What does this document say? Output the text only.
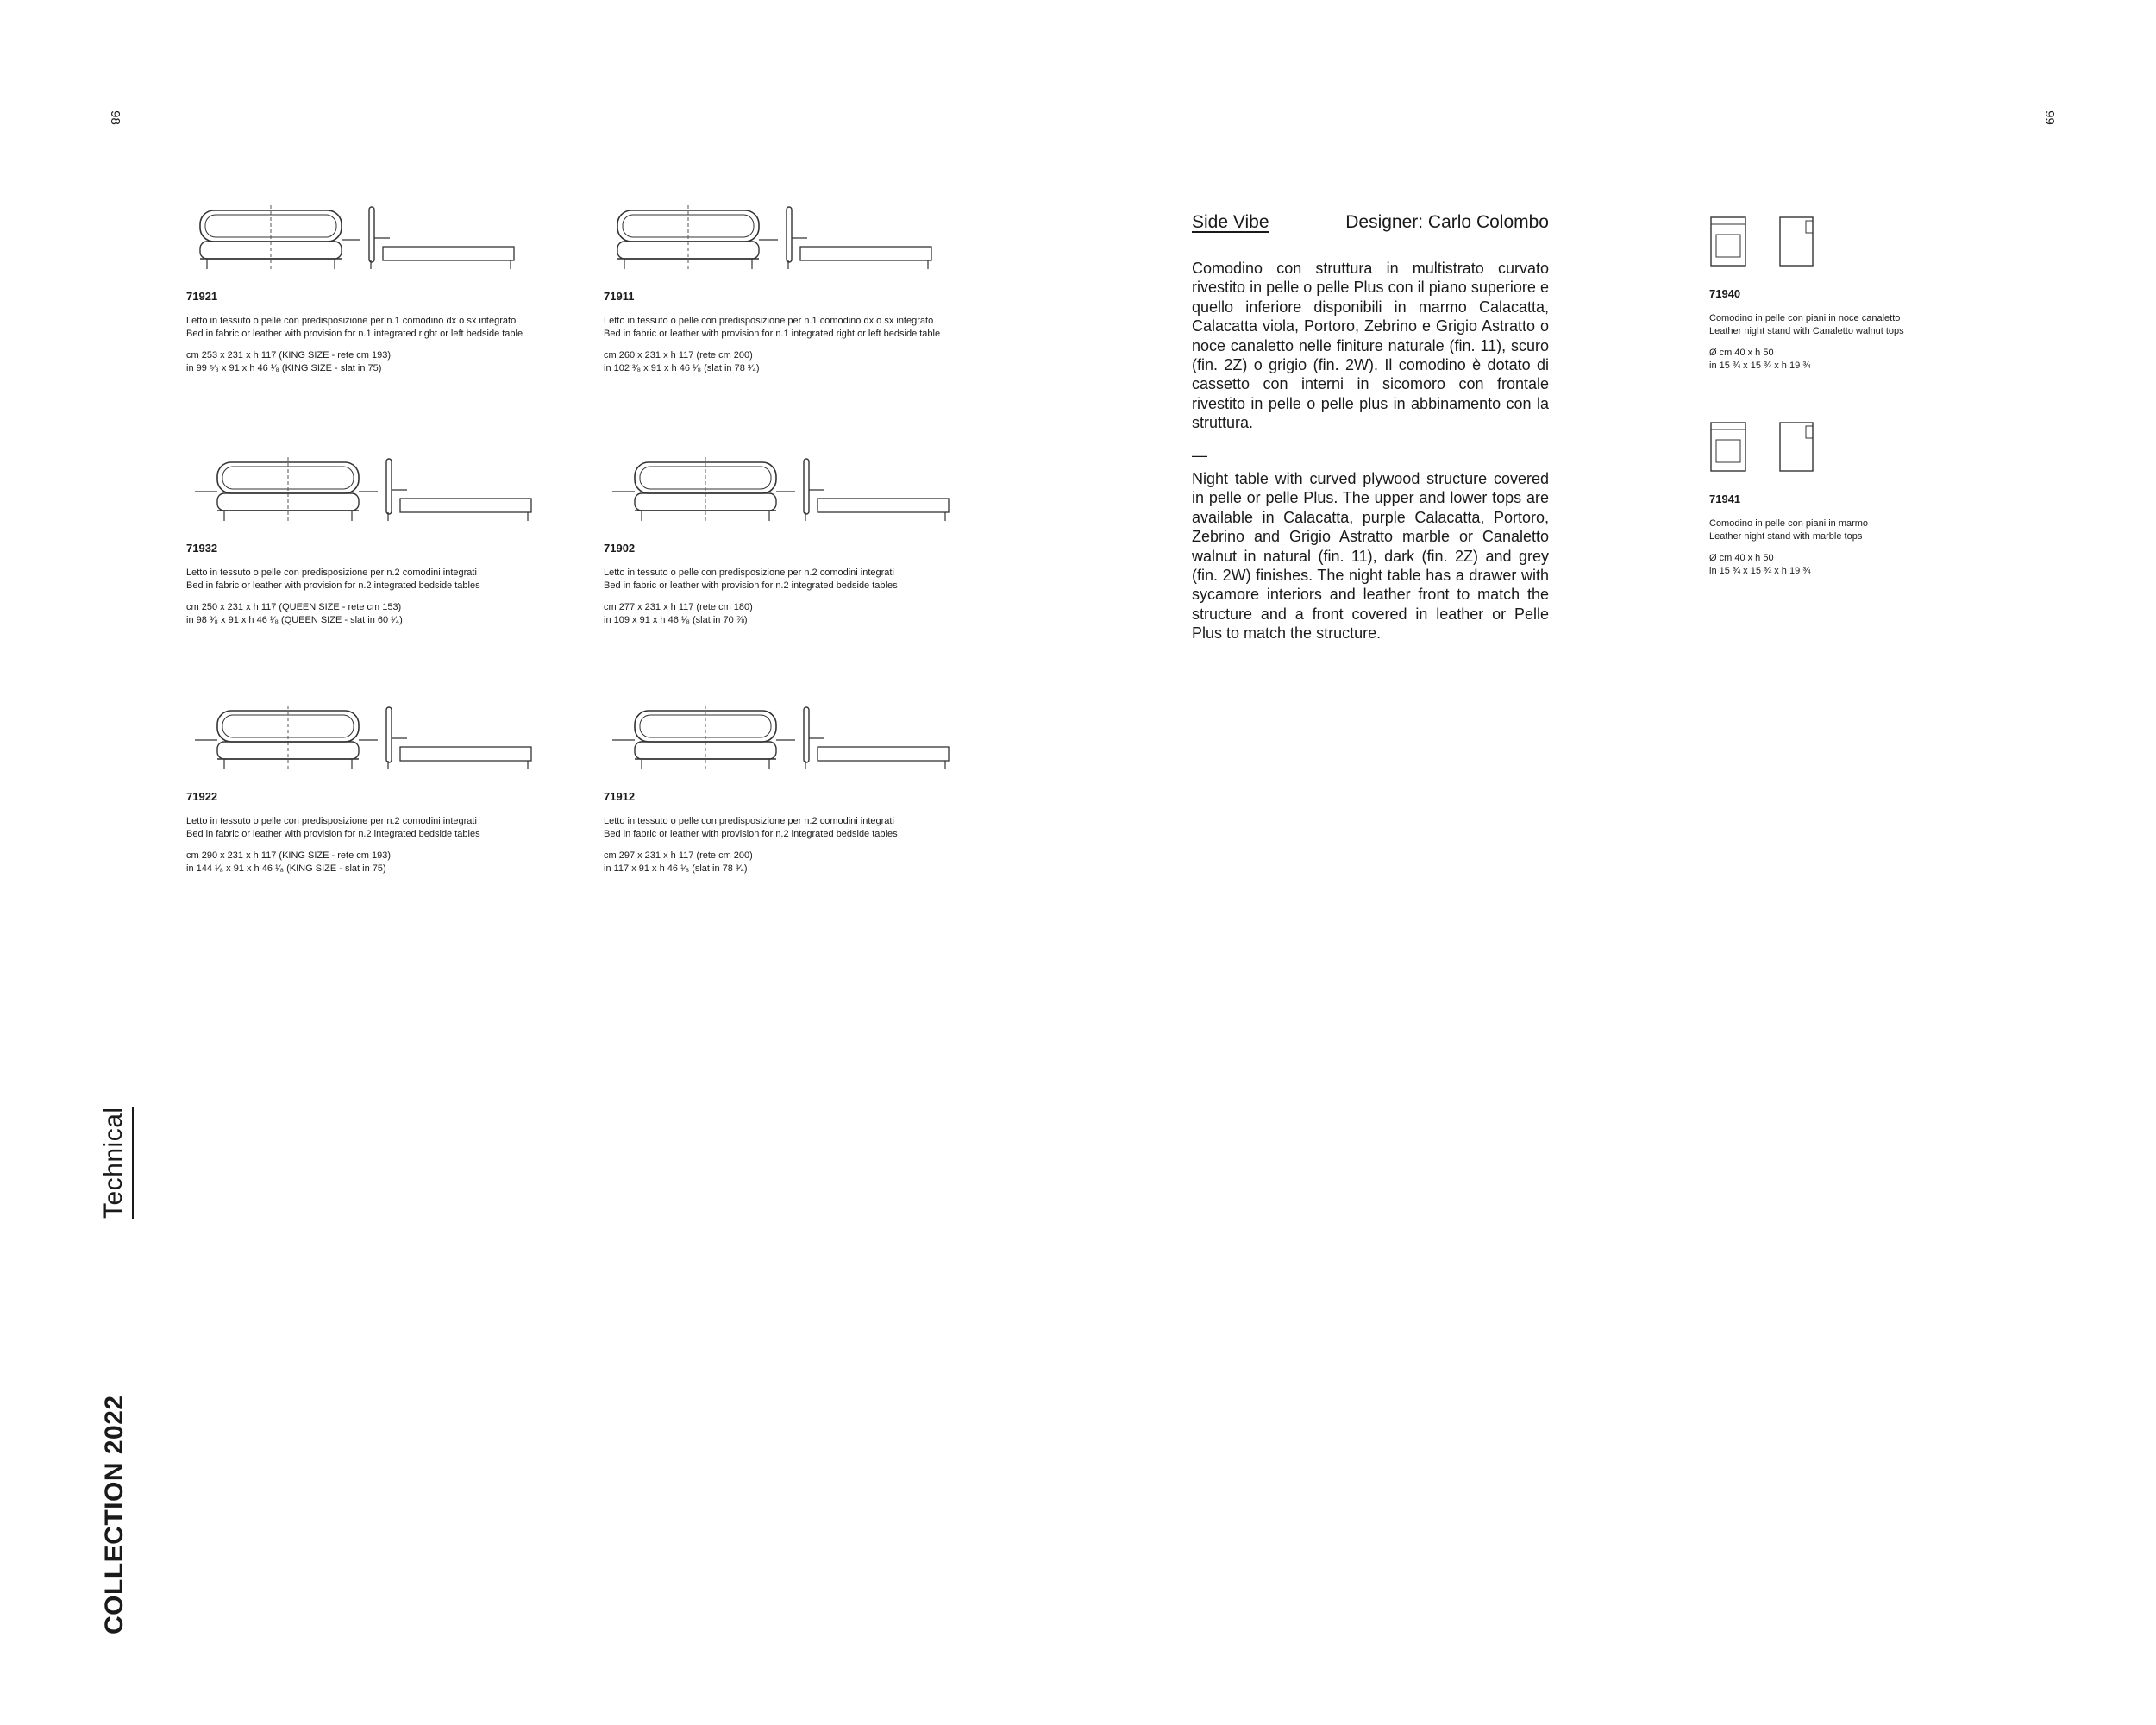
98	99
COLLECTION 2022
Technical
71921
Letto in tessuto o pelle con predisposizione per n.1 comodino dx o sx integrato
Bed in fabric or leather with provision for n.1 integrated right or left bedside table
cm 253 x 231 x h 117 (KING SIZE - rete cm 193)
in 99 ⁵⁄₈ x 91 x h 46 ¹⁄₈ (KING SIZE - slat in 75)
71911
Letto in tessuto o pelle con predisposizione per n.1 comodino dx o sx integrato
Bed in fabric or leather with provision for n.1 integrated right or left bedside table
cm 260 x 231 x h 117 (rete cm 200)
in 102 ³⁄₈ x 91 x h 46 ¹⁄₈ (slat in 78 ³⁄₄)
71932
Letto in tessuto o pelle con predisposizione per n.2 comodini integrati
Bed in fabric or leather with provision for n.2 integrated bedside tables
cm 250 x 231 x h 117 (QUEEN SIZE - rete cm 153)
in 98 ³⁄₈ x 91 x h 46 ¹⁄₈ (QUEEN SIZE - slat in 60 ¹⁄₄)
71902
Letto in tessuto o pelle con predisposizione per n.2 comodini integrati
Bed in fabric or leather with provision for n.2 integrated bedside tables
cm 277 x 231 x h 117 (rete cm 180)
in 109 x 91 x h 46 ¹⁄₈ (slat in 70 ⅞)
71922
Letto in tessuto o pelle con predisposizione per n.2 comodini integrati
Bed in fabric or leather with provision for n.2 integrated bedside tables
cm 290 x 231 x h 117 (KING SIZE - rete cm 193)
in 144 ¹⁄₈ x 91 x h 46 ¹⁄₈ (KING SIZE - slat in 75)
71912
Letto in tessuto o pelle con predisposizione per n.2 comodini integrati
Bed in fabric or leather with provision for n.2 integrated bedside tables
cm 297 x 231 x h 117 (rete cm 200)
in 117 x 91 x h 46 ¹⁄₈ (slat in 78 ³⁄₄)
Side Vibe	Designer: Carlo Colombo
Comodino con struttura in multistrato curvato rivestito in pelle o pelle Plus con il piano superiore e quello inferiore disponibili in marmo Calacatta, Calacatta viola, Portoro, Zebrino e Grigio Astratto o noce canaletto nelle finiture naturale (fin. 11), scuro (fin. 2Z) o grigio (fin. 2W). Il comodino è dotato di cassetto con interni in sicomoro con frontale rivestito in pelle o pelle plus in abbinamento con la struttura.
—
Night table with curved plywood structure covered in pelle or pelle Plus. The upper and lower tops are available in Calacatta, purple Calacatta, Portoro, Zebrino and Grigio Astratto marble or Canaletto walnut in natural (fin. 11), dark (fin. 2Z) and grey (fin. 2W) finishes. The night table has a drawer with sycamore interiors and leather front to match the structure and a front covered in leather or Pelle Plus to match the structure.
71940
Comodino in pelle con piani in noce canaletto
Leather night stand with Canaletto walnut tops
Ø cm 40 x h 50
in 15 ¾ x 15 ¾ x h 19 ¾
71941
Comodino in pelle con piani in marmo
Leather night stand with marble tops
Ø cm 40 x h 50
in 15 ¾ x 15 ¾ x h 19 ¾
